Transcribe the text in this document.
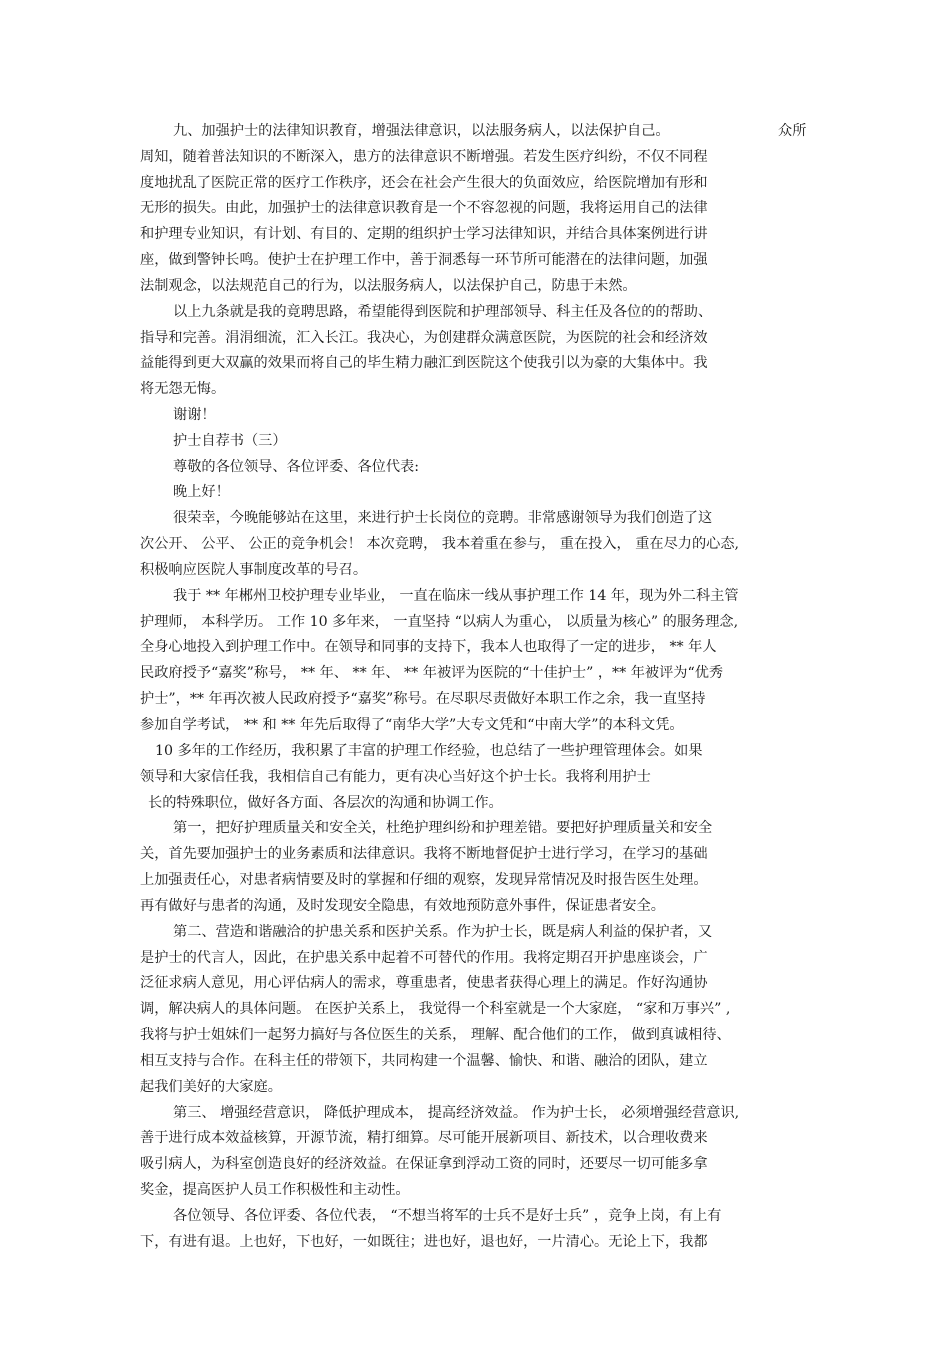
九、加强护士的法律知识教育，增强法律意识，以法服务病人，以法保护自己。	众所
周知，随着普法知识的不断深入，患方的法律意识不断增强。若发生医疗纠纷，不仅不同程
度地扰乱了医院正常的医疗工作秩序，还会在社会产生很大的负面效应，给医院增加有形和
无形的损失。由此，加强护士的法律意识教育是一个不容忽视的问题，我将运用自己的法律
和护理专业知识，有计划、有目的、定期的组织护士学习法律知识，并结合具体案例进行讲
座，做到警钟长鸣。使护士在护理工作中，善于洞悉每一环节所可能潜在的法律问题，加强
法制观念，以法规范自己的行为，以法服务病人，以法保护自己，防患于未然。
以上九条就是我的竟聘思路，希望能得到医院和护理部领导、科主任及各位的的帮助、
指导和完善。涓涓细流，汇入长江。我决心，为创建群众满意医院，为医院的社会和经济效
益能得到更大双赢的效果而将自己的毕生精力融汇到医院这个使我引以为豪的大集体中。我
将无怨无悔。
谢谢！
护士自荐书（三）
尊敬的各位领导、各位评委、各位代表:
晚上好！
很荣幸，今晚能够站在这里，来进行护士长岗位的竞聘。非常感谢领导为我们创造了这
次公开、 公平、 公正的竞争机会！ 本次竞聘， 我本着重在参与， 重在投入， 重在尽力的心态,
积极响应医院人事制度改革的号召。
我于 ** 年郴州卫校护理专业毕业， 一直在临床一线从事护理工作 14 年，现为外二科主管
护理师， 本科学历。 工作 10 多年来， 一直坚持 “以病人为重心， 以质量为核心” 的服务理念,
全身心地投入到护理工作中。在领导和同事的支持下，我本人也取得了一定的进步， ** 年人
民政府授予“嘉奖”称号， ** 年、 ** 年、 ** 年被评为医院的“十佳护士” ，** 年被评为“优秀
护士”，** 年再次被人民政府授予“嘉奖”称号。在尽职尽责做好本职工作之余，我一直坚持
参加自学考试， ** 和 ** 年先后取得了“南华大学”大专文凭和“中南大学”的本科文凭。
10 多年的工作经历，我积累了丰富的护理工作经验，也总结了一些护理管理体会。如果
领导和大家信任我，我相信自己有能力，更有决心当好这个护士长。我将利用护士
长的特殊职位，做好各方面、各层次的沟通和协调工作。
第一，把好护理质量关和安全关，杜绝护理纠纷和护理差错。要把好护理质量关和安全
关，首先要加强护士的业务素质和法律意识。我将不断地督促护士进行学习，在学习的基础
上加强责任心，对患者病情要及时的掌握和仔细的观察，发现异常情况及时报告医生处理。
再有做好与患者的沟通，及时发现安全隐患，有效地预防意外事件，保证患者安全。
第二、营造和谐融洽的护患关系和医护关系。作为护士长，既是病人利益的保护者，又
是护士的代言人，因此，在护患关系中起着不可替代的作用。我将定期召开护患座谈会，广
泛征求病人意见，用心评估病人的需求，尊重患者，使患者获得心理上的满足。作好沟通协
调，解决病人的具体问题。 在医护关系上， 我觉得一个科室就是一个大家庭， “家和万事兴” ,
我将与护士姐妹们一起努力搞好与各位医生的关系， 理解、配合他们的工作， 做到真诚相待、
相互支持与合作。在科主任的带领下，共同构建一个温馨、愉快、和谐、融洽的团队，建立
起我们美好的大家庭。
第三、 增强经营意识， 降低护理成本， 提高经济效益。 作为护士长， 必须增强经营意识,
善于进行成本效益核算，开源节流，精打细算。尽可能开展新项目、新技术，以合理收费来
吸引病人，为科室创造良好的经济效益。在保证拿到浮动工资的同时，还要尽一切可能多拿
奖金，提高医护人员工作积极性和主动性。
各位领导、各位评委、各位代表， “不想当将军的士兵不是好士兵” ，竞争上岗，有上有
下，有进有退。上也好，下也好，一如既往；进也好，退也好，一片清心。无论上下，我都
